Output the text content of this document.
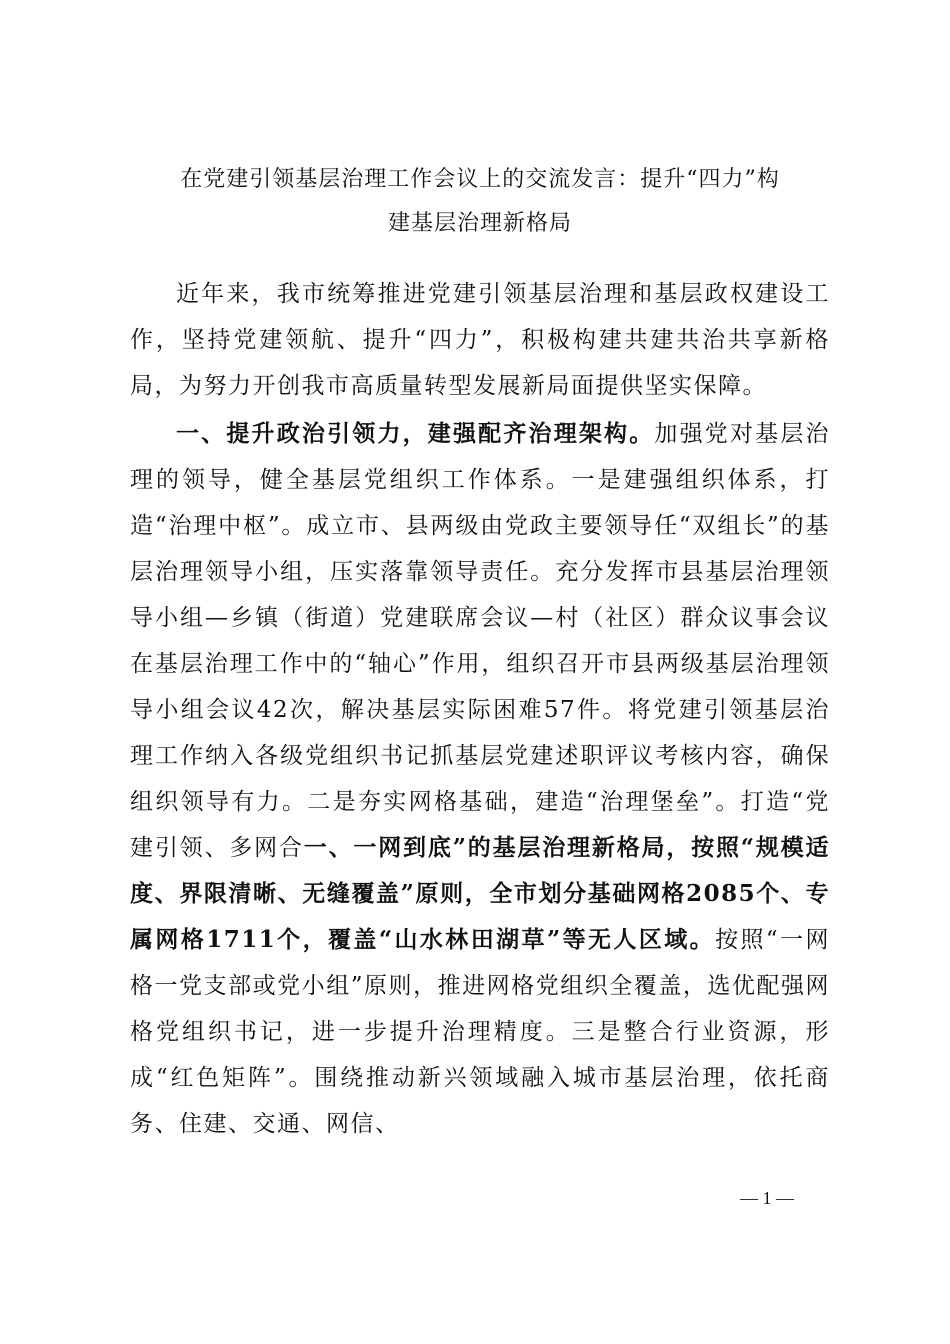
在党建引领基层治理工作会议上的交流发言：提升“四力”构
建基层治理新格局

近年来，我市统筹推进党建引领基层治理和基层政权建设工作，坚持党建领航、提升“四力”，积极构建共建共治共享新格局，为努力开创我市高质量转型发展新局面提供坚实保障。

一、提升政治引领力，建强配齐治理架构。加强党对基层治理的领导，健全基层党组织工作体系。一是建强组织体系，打造“治理中枢”。成立市、县两级由党政主要领导任“双组长”的基层治理领导小组，压实落靠领导责任。充分发挥市县基层治理领导小组—乡镇（街道）党建联席会议—村（社区）群众议事会议在基层治理工作中的“轴心”作用，组织召开市县两级基层治理领导小组会议42次，解决基层实际困难57件。将党建引领基层治理工作纳入各级党组织书记抓基层党建述职评议考核内容，确保组织领导有力。二是夯实网格基础，建造“治理堡垒”。打造“党建引领、多网合一、一网到底”的基层治理新格局，按照“规模适度、界限清晰、无缝覆盖”原则，全市划分基础网格2085个、专属网格1711个，覆盖“山水林田湖草”等无人区域。按照“一网格一党支部或党小组”原则，推进网格党组织全覆盖，选优配强网格党组织书记，进一步提升治理精度。三是整合行业资源，形成“红色矩阵”。围绕推动新兴领域融入城市基层治理，依托商务、住建、交通、网信、

— 1 —
